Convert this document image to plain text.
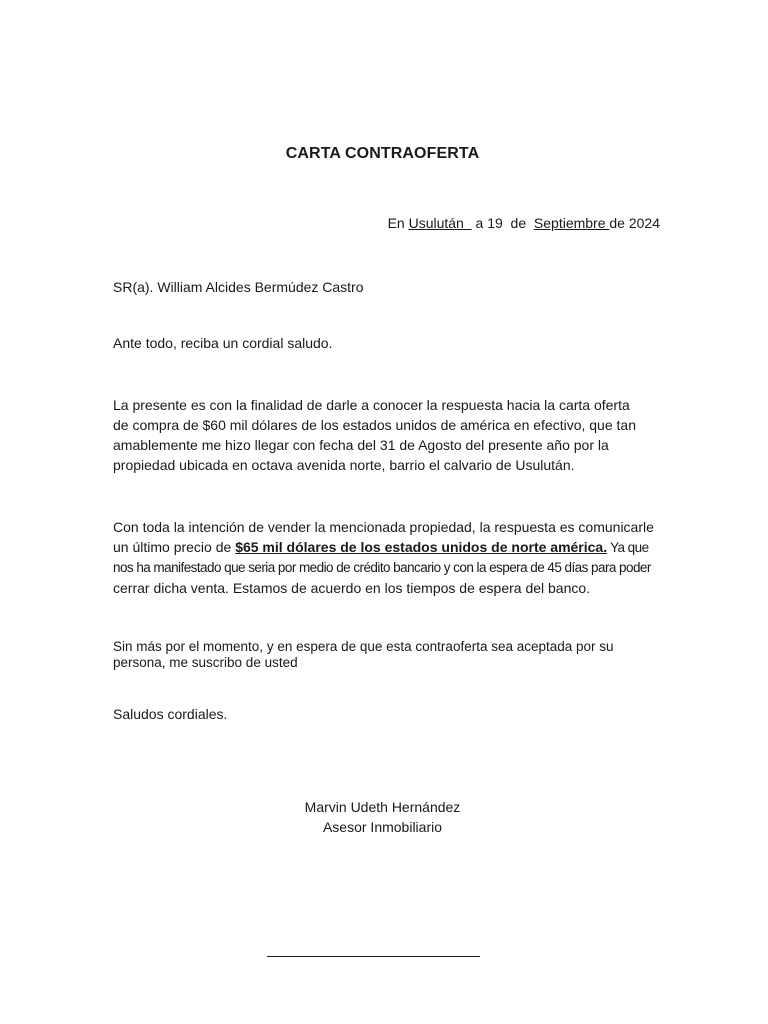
CARTA CONTRAOFERTA
En Usulután   a 19  de  Septiembre de 2024
SR(a). William Alcides Bermúdez Castro
Ante todo, reciba un cordial saludo.
La presente es con la finalidad de darle a conocer la respuesta hacia la carta oferta de compra de $60 mil dólares de los estados unidos de américa en efectivo, que tan amablemente me hizo llegar con fecha del 31 de Agosto del presente año por la propiedad ubicada en octava avenida norte, barrio el calvario de Usulután.
Con toda la intención de vender la mencionada propiedad, la respuesta es comunicarle
un último precio de $65 mil dólares de los estados unidos de norte américa. Ya que
nos ha manifestado que seria por medio de crédito bancario y con la espera de 45 días para poder
cerrar dicha venta. Estamos de acuerdo en los tiempos de espera del banco.
Sin más por el momento, y en espera de que esta contraoferta sea aceptada por su persona, me suscribo de usted
Saludos cordiales.
Marvin Udeth Hernández
Asesor Inmobiliario
